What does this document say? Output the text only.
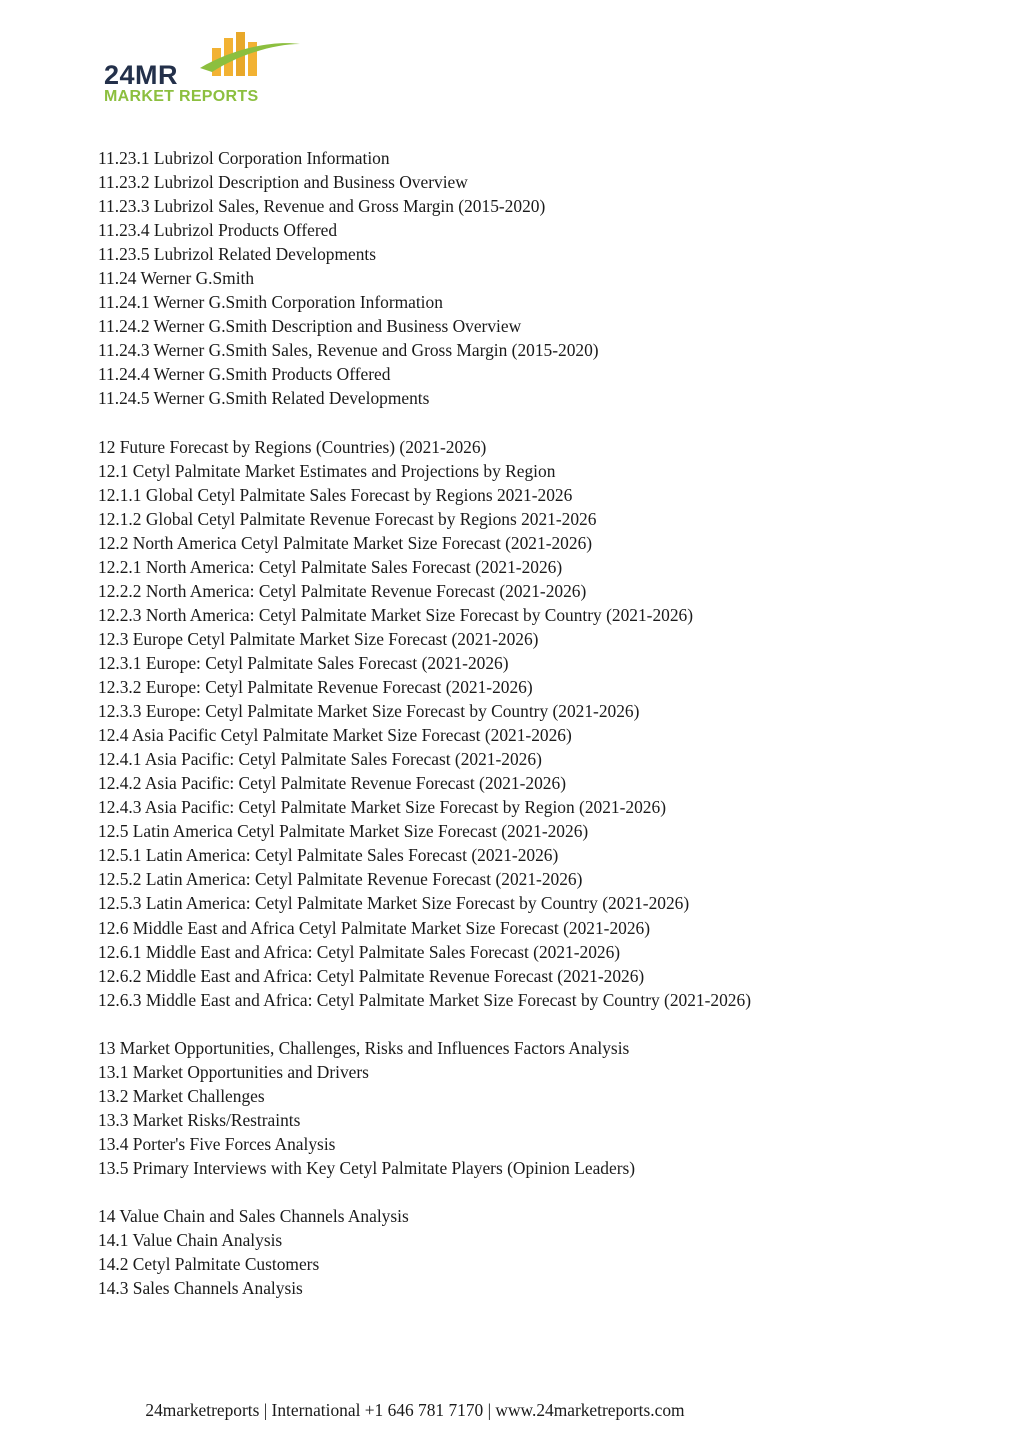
24MR
MARKET REPORTS
11.23.1 Lubrizol Corporation Information
11.23.2 Lubrizol Description and Business Overview
11.23.3 Lubrizol Sales, Revenue and Gross Margin (2015-2020)
11.23.4 Lubrizol Products Offered
11.23.5 Lubrizol Related Developments
11.24 Werner G.Smith
11.24.1 Werner G.Smith Corporation Information
11.24.2 Werner G.Smith Description and Business Overview
11.24.3 Werner G.Smith Sales, Revenue and Gross Margin (2015-2020)
11.24.4 Werner G.Smith Products Offered
11.24.5 Werner G.Smith Related Developments
12 Future Forecast by Regions (Countries) (2021-2026)
12.1 Cetyl Palmitate Market Estimates and Projections by Region
12.1.1 Global Cetyl Palmitate Sales Forecast by Regions 2021-2026
12.1.2 Global Cetyl Palmitate Revenue Forecast by Regions 2021-2026
12.2 North America Cetyl Palmitate Market Size Forecast (2021-2026)
12.2.1 North America: Cetyl Palmitate Sales Forecast (2021-2026)
12.2.2 North America: Cetyl Palmitate Revenue Forecast (2021-2026)
12.2.3 North America: Cetyl Palmitate Market Size Forecast by Country (2021-2026)
12.3 Europe Cetyl Palmitate Market Size Forecast (2021-2026)
12.3.1 Europe: Cetyl Palmitate Sales Forecast (2021-2026)
12.3.2 Europe: Cetyl Palmitate Revenue Forecast (2021-2026)
12.3.3 Europe: Cetyl Palmitate Market Size Forecast by Country (2021-2026)
12.4 Asia Pacific Cetyl Palmitate Market Size Forecast (2021-2026)
12.4.1 Asia Pacific: Cetyl Palmitate Sales Forecast (2021-2026)
12.4.2 Asia Pacific: Cetyl Palmitate Revenue Forecast (2021-2026)
12.4.3 Asia Pacific: Cetyl Palmitate Market Size Forecast by Region (2021-2026)
12.5 Latin America Cetyl Palmitate Market Size Forecast (2021-2026)
12.5.1 Latin America: Cetyl Palmitate Sales Forecast (2021-2026)
12.5.2 Latin America: Cetyl Palmitate Revenue Forecast (2021-2026)
12.5.3 Latin America: Cetyl Palmitate Market Size Forecast by Country (2021-2026)
12.6 Middle East and Africa Cetyl Palmitate Market Size Forecast (2021-2026)
12.6.1 Middle East and Africa: Cetyl Palmitate Sales Forecast (2021-2026)
12.6.2 Middle East and Africa: Cetyl Palmitate Revenue Forecast (2021-2026)
12.6.3 Middle East and Africa: Cetyl Palmitate Market Size Forecast by Country (2021-2026)
13 Market Opportunities, Challenges, Risks and Influences Factors Analysis
13.1 Market Opportunities and Drivers
13.2 Market Challenges
13.3 Market Risks/Restraints
13.4 Porter's Five Forces Analysis
13.5 Primary Interviews with Key Cetyl Palmitate Players (Opinion Leaders)
14 Value Chain and Sales Channels Analysis
14.1 Value Chain Analysis
14.2 Cetyl Palmitate Customers
14.3 Sales Channels Analysis
24marketreports | International +1 646 781 7170 | www.24marketreports.com
